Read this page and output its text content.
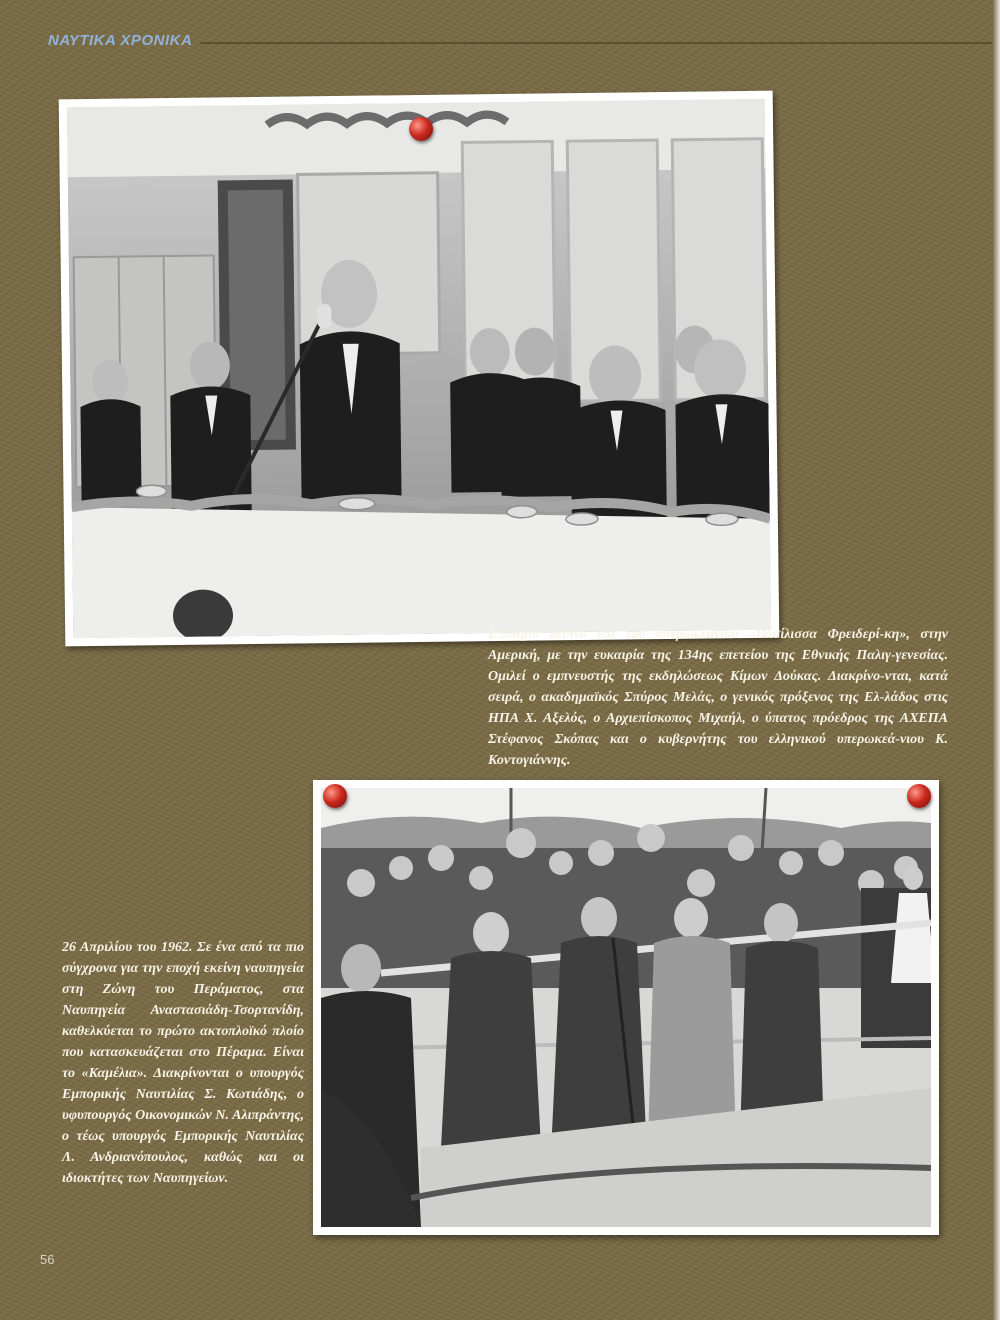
ΝΑΥΤΙΚΑ ΧΡΟΝΙΚΑ

Επίσημο δείπνο επί του υπερωκεάνιου «Βασίλισσα Φρειδερί-κη», στην Αμερική, με την ευκαιρία της 134ης επετείου της Εθνικής Παλιγ-γενεσίας. Ομιλεί ο εμπνευστής της εκδηλώσεως Κίμων Δούκας. Διακρίνο-νται, κατά σειρά, ο ακαδημαϊκός Σπύρος Μελάς, ο γενικός πρόξενος της Ελ-λάδος στις ΗΠΑ Χ. Αξελός, ο Αρχιεπίσκοπος Μιχαήλ, ο ύπατος πρόεδρος της ΑΧΕΠΑ Στέφανος Σκόπας και ο κυβερνήτης του ελληνικού υπερωκεά-νιου Κ. Κοντογιάννης.

26 Απριλίου του 1962. Σε ένα από τα πιο σύγχρονα για την εποχή εκείνη ναυπηγεία στη Ζώνη του Περάματος, στα Ναυπηγεία Αναστασιάδη-Τσορτανίδη, καθελκύεται το πρώτο ακτοπλοϊκό πλοίο που κατασκευάζεται στο Πέραμα. Είναι το «Καμέλια». Διακρίνονται ο υπουργός Εμπορικής Ναυτιλίας Σ. Κωτιάδης, ο υφυπουργός Οικονομικών Ν. Αλιπράντης, ο τέως υπουργός Εμπορικής Ναυτιλίας Λ. Ανδριανόπουλος, καθώς και οι ιδιοκτήτες των Ναυπηγείων.

56
